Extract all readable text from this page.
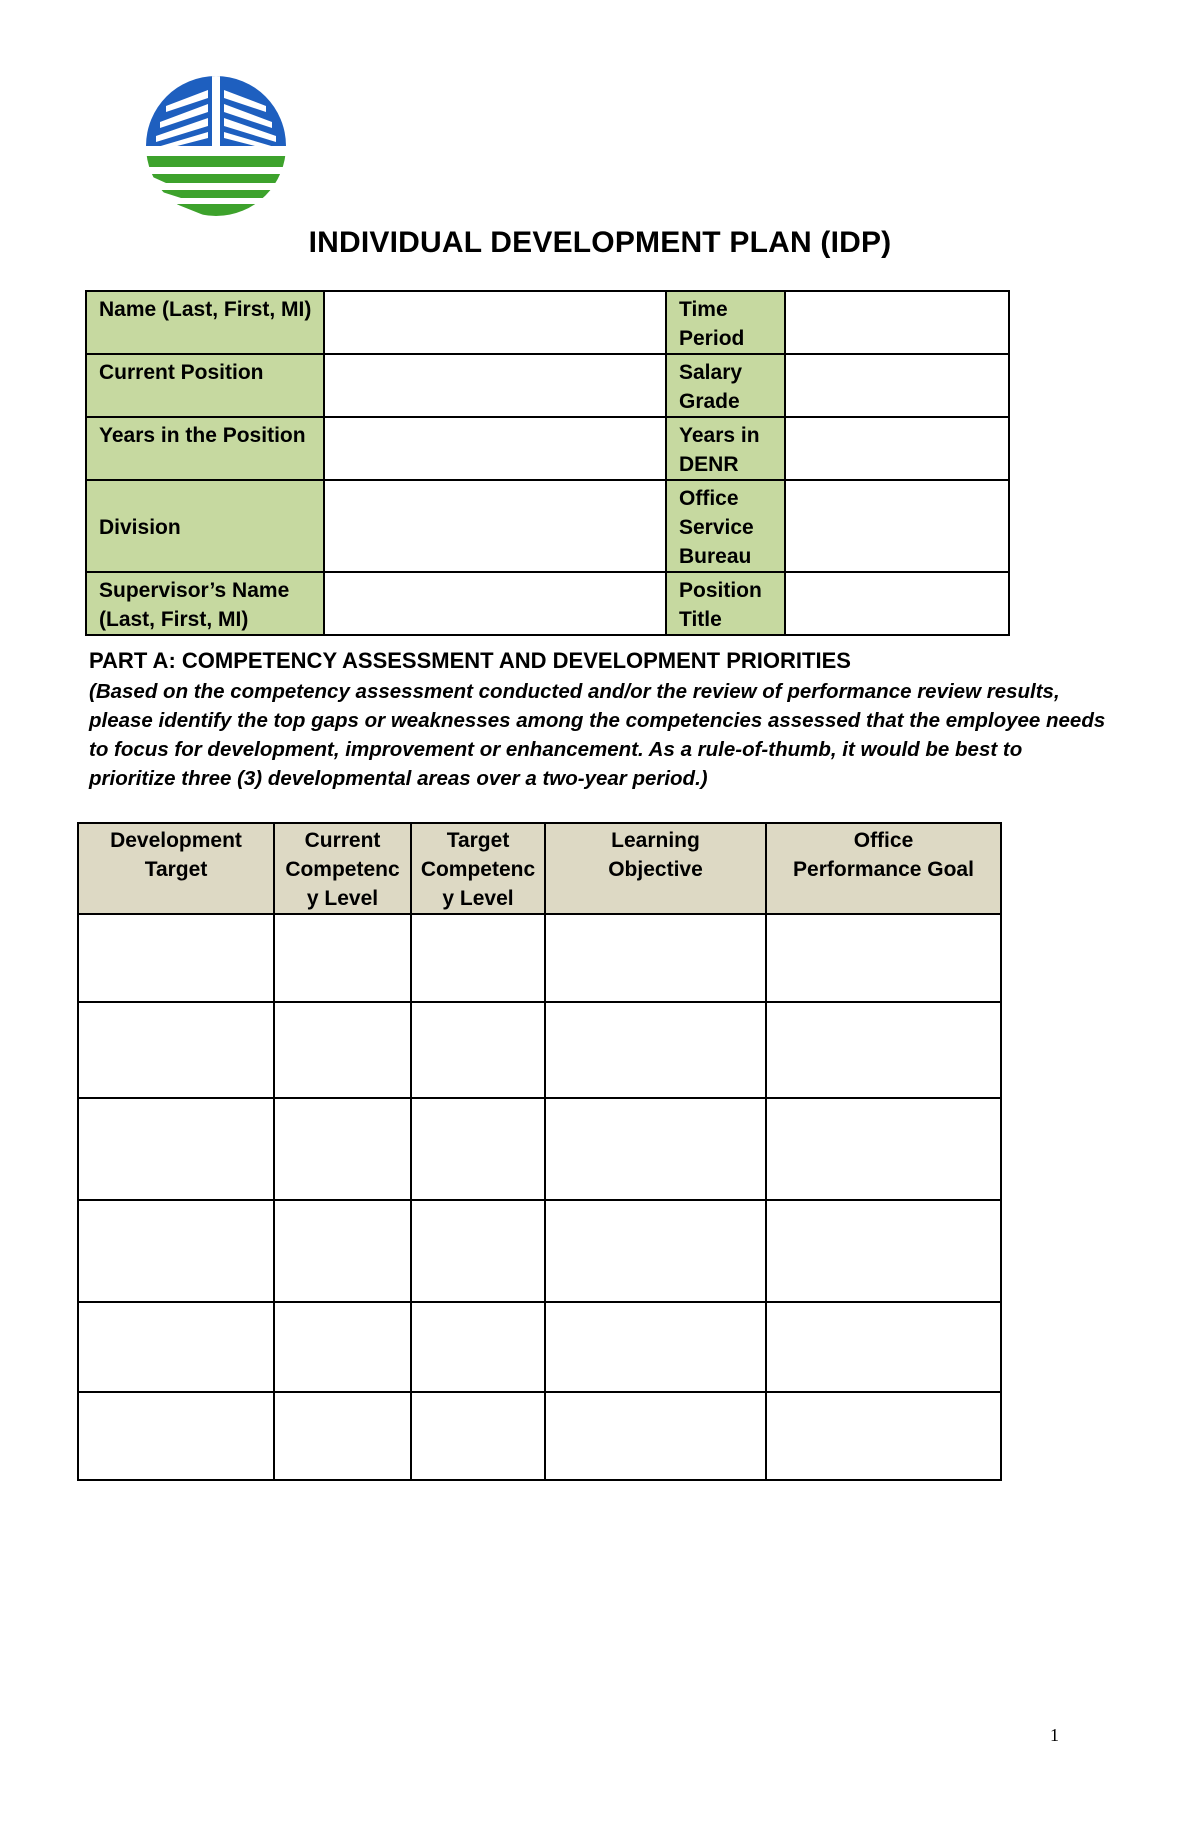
INDIVIDUAL DEVELOPMENT PLAN (IDP)
Name (Last, First, MI)		Time
Period	
Current Position		Salary
Grade	
Years in the Position		Years in
DENR	
Division		Office
Service
Bureau	
Supervisor’s Name
(Last, First, MI)		Position
Title	
PART A: COMPETENCY ASSESSMENT AND DEVELOPMENT PRIORITIES
(Based on the competency assessment conducted and/or the review of performance review results, please identify the top gaps or weaknesses among the competencies assessed that the employee needs to focus for development, improvement or enhancement. As a rule-of-thumb, it would be best to prioritize three (3) developmental areas over a two-year period.)
Development
Target	Current
Competenc
y Level	Target
Competenc
y Level	Learning
Objective	Office
Performance Goal

1
